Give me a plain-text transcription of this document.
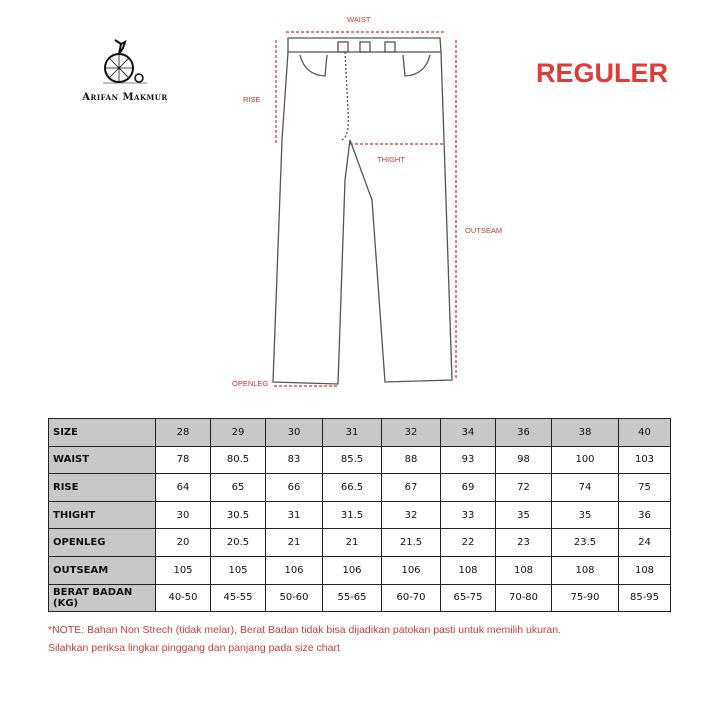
Arifan Makmur
REGULER
WAIST
RISE
THIGHT
OUTSEAM
OPENLEG
SIZE	28	29	30	31	32	34	36	38	40
WAIST	78	80.5	83	85.5	88	93	98	100	103
RISE	64	65	66	66.5	67	69	72	74	75
THIGHT	30	30.5	31	31.5	32	33	35	35	36
OPENLEG	20	20.5	21	21	21.5	22	23	23.5	24
OUTSEAM	105	105	106	106	106	108	108	108	108
BERAT BADAN (KG)	40-50	45-55	50-60	55-65	60-70	65-75	70-80	75-90	85-95
*NOTE: Bahan Non Strech (tidak melar), Berat Badan tidak bisa dijadikan patokan pasti untuk memilih ukuran.
Silahkan periksa lingkar pinggang dan panjang pada size chart
